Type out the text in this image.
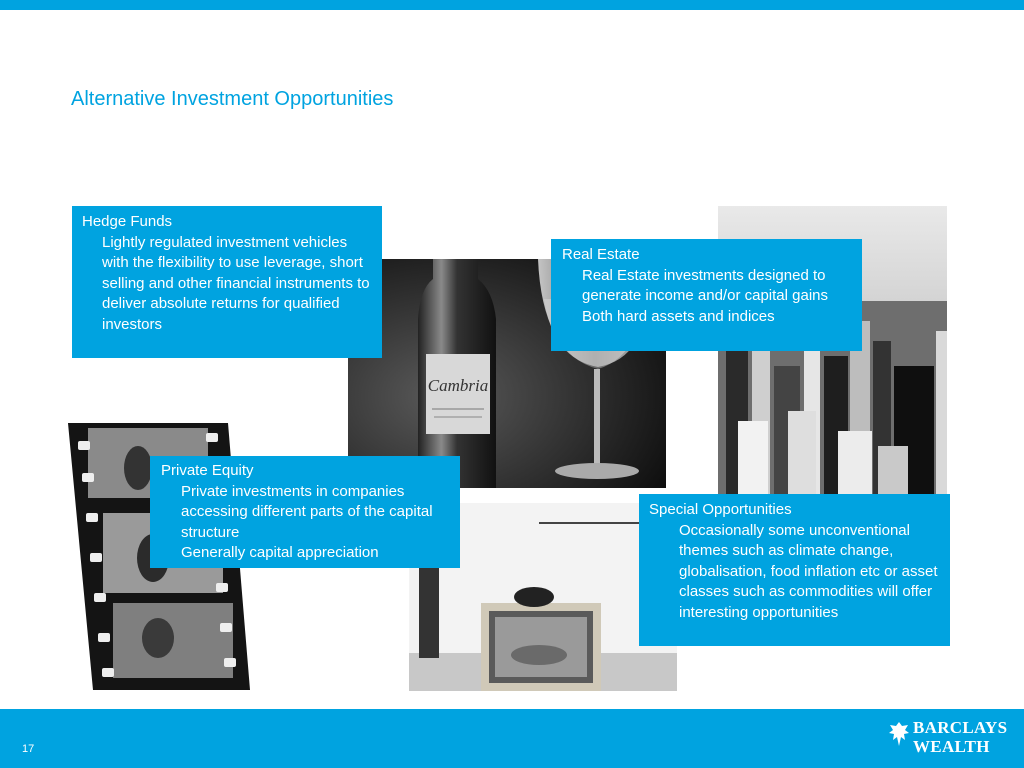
Alternative Investment Opportunities
Cambria
Hedge Funds
Lightly regulated investment vehicles with the flexibility to use leverage, short selling and other financial instruments to deliver absolute returns for qualified investors
Real Estate
Real Estate investments designed to generate income and/or capital gains
Both hard assets and indices
Private Equity
Private investments in companies accessing different parts of the capital structure
Generally capital appreciation
Special Opportunities
Occasionally some unconventional themes such as climate change, globalisation, food inflation etc or asset classes such as commodities will offer interesting opportunities
17
BARCLAYS
WEALTH
